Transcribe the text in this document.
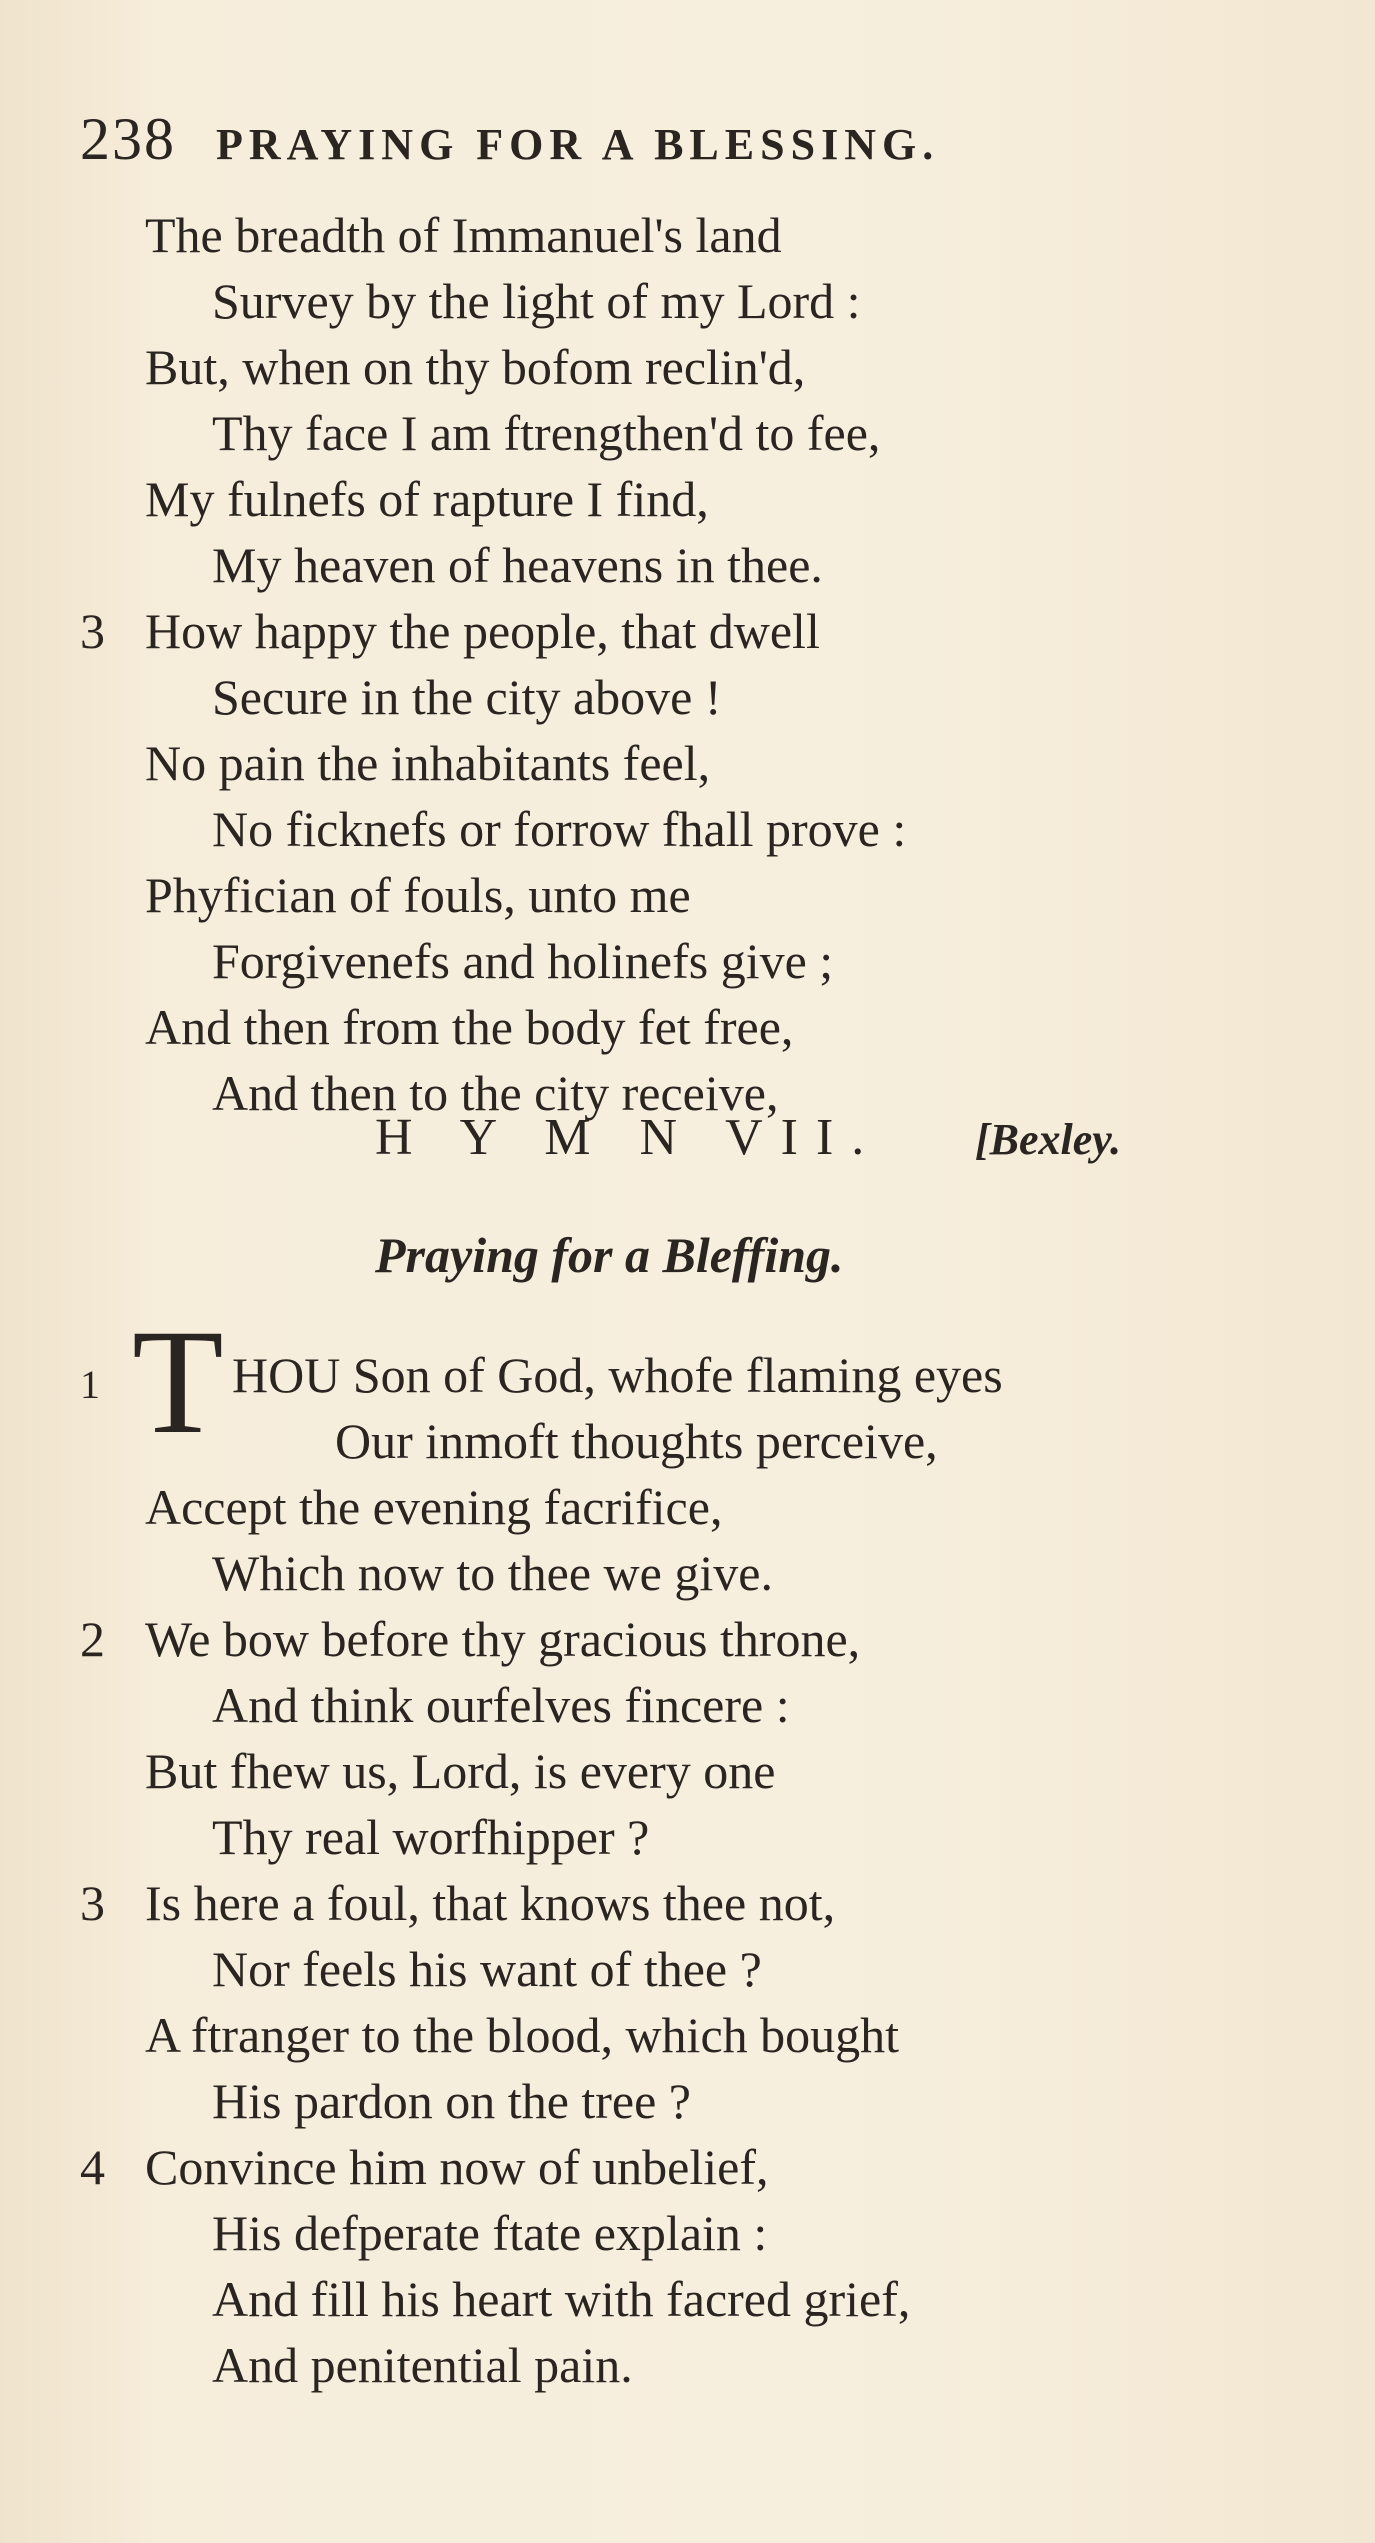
238 PRAYING FOR A BLESSING.
The breadth of Immanuel's land
Survey by the light of my Lord :
But, when on thy bofom reclin'd,
Thy face I am ftrengthen'd to fee,
My fulnefs of rapture I find,
My heaven of heavens in thee.
3 How happy the people, that dwell
Secure in the city above !
No pain the inhabitants feel,
No ficknefs or forrow fhall prove :
Phyfician of fouls, unto me
Forgivenefs and holinefs give ;
And then from the body fet free,
And then to the city receive,
H Y M N VII. [Bexley.
Praying for a Bleffing.
1 T HOU Son of God, whofe flaming eyes
Our inmoft thoughts perceive,
Accept the evening facrifice,
Which now to thee we give.
2 We bow before thy gracious throne,
And think ourfelves fincere :
But fhew us, Lord, is every one
Thy real worfhipper ?
3 Is here a foul, that knows thee not,
Nor feels his want of thee ?
A ftranger to the blood, which bought
His pardon on the tree ?
4 Convince him now of unbelief,
His defperate ftate explain :
And fill his heart with facred grief,
And penitential pain.
